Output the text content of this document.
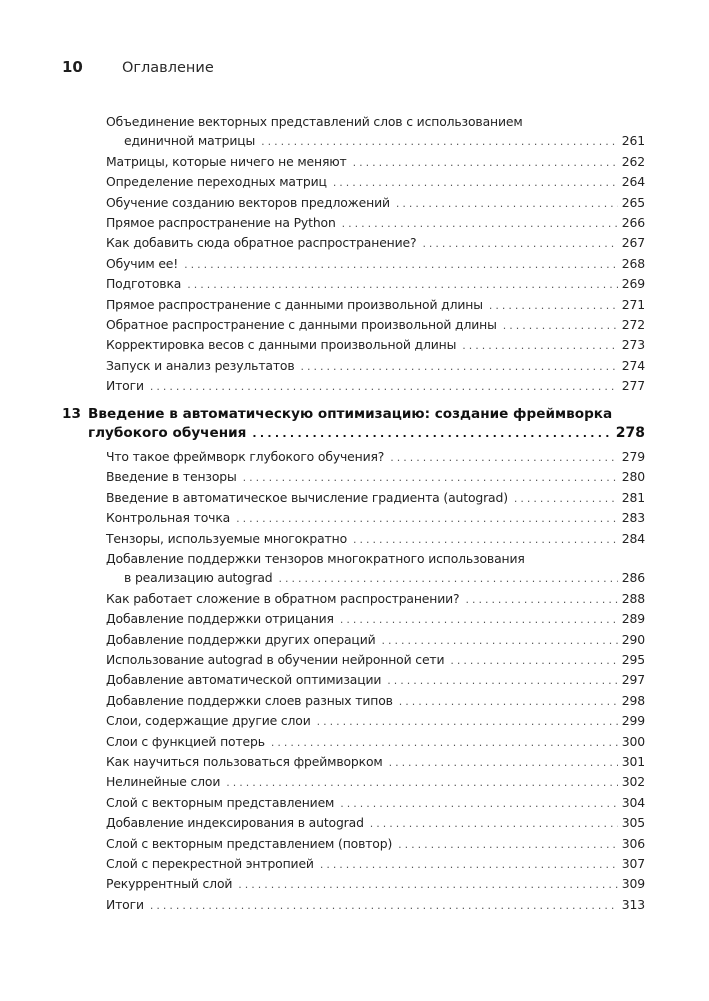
10	Оглавление
Объединение векторных представлений слов с использованием
единичной матрицы . . .	261
Матрицы, которые ничего не меняют . . .	262
Определение переходных матриц . . .	264
Обучение созданию векторов предложений . . .	265
Прямое распространение на Python . . .	266
Как добавить сюда обратное распространение? . . .	267
Обучим ее! . . .	268
Подготовка . . .	269
Прямое распространение с данными произвольной длины . . .	271
Обратное распространение с данными произвольной длины . . .	272
Корректировка весов с данными произвольной длины . . .	273
Запуск и анализ результатов . . .	274
Итоги . . .	277
13 Введение в автоматическую оптимизацию: создание фреймворка
глубокого обучения . . .	278
Что такое фреймворк глубокого обучения? . . .	279
Введение в тензоры . . .	280
Введение в автоматическое вычисление градиента (autograd) . . .	281
Контрольная точка . . .	283
Тензоры, используемые многократно . . .	284
Добавление поддержки тензоров многократного использования
в реализацию autograd . . .	286
Как работает сложение в обратном распространении? . . .	288
Добавление поддержки отрицания . . .	289
Добавление поддержки других операций . . .	290
Использование autograd в обучении нейронной сети . . .	295
Добавление автоматической оптимизации . . .	297
Добавление поддержки слоев разных типов . . .	298
Слои, содержащие другие слои . . .	299
Слои с функцией потерь . . .	300
Как научиться пользоваться фреймворком . . .	301
Нелинейные слои . . .	302
Слой с векторным представлением . . .	304
Добавление индексирования в autograd . . .	305
Слой с векторным представлением (повтор) . . .	306
Слой с перекрестной энтропией . . .	307
Рекуррентный слой . . .	309
Итоги . . .	313
